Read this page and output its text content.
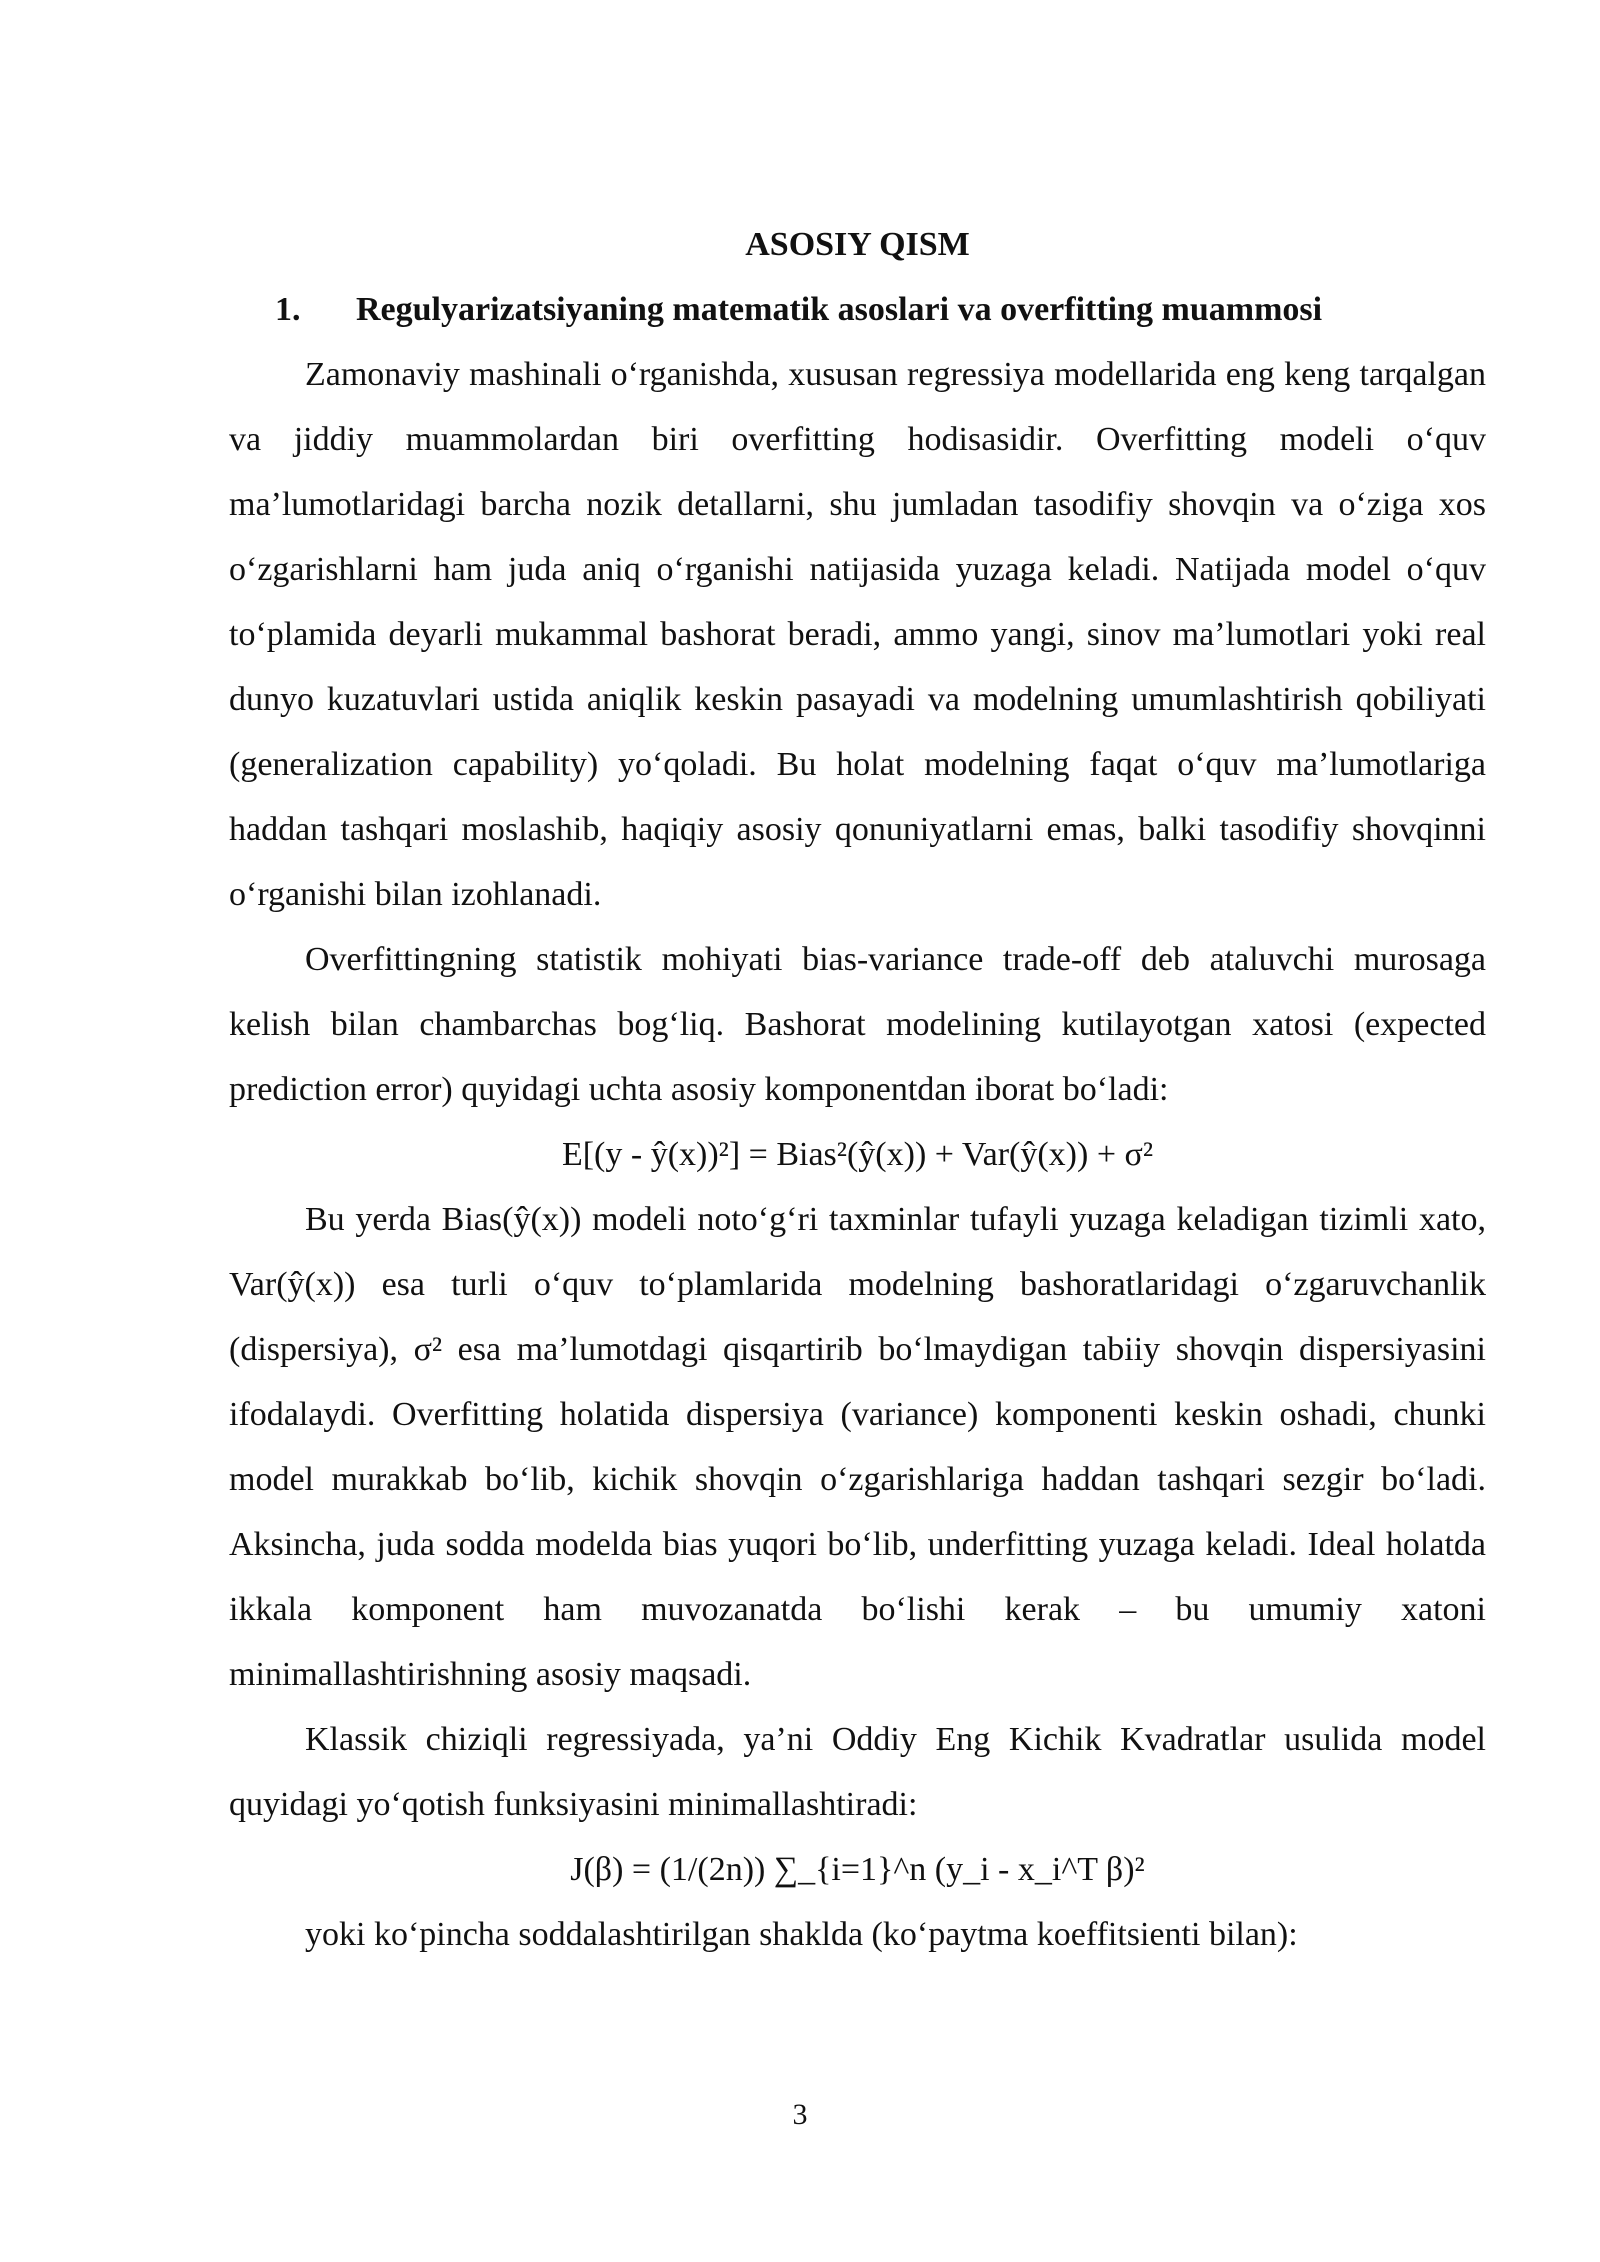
ASOSIY QISM
1.	Regulyarizatsiyaning matematik asoslari va overfitting muammosi

Zamonaviy mashinali o‘rganishda, xususan regressiya modellarida eng keng tarqalgan va jiddiy muammolardan biri overfitting hodisasidir. Overfitting modeli o‘quv ma’lumotlaridagi barcha nozik detallarni, shu jumladan tasodifiy shovqin va o‘ziga xos o‘zgarishlarni ham juda aniq o‘rganishi natijasida yuzaga keladi. Natijada model o‘quv to‘plamida deyarli mukammal bashorat beradi, ammo yangi, sinov ma’lumotlari yoki real dunyo kuzatuvlari ustida aniqlik keskin pasayadi va modelning umumlashtirish qobiliyati (generalization capability) yo‘qoladi. Bu holat modelning faqat o‘quv ma’lumotlariga haddan tashqari moslashib, haqiqiy asosiy qonuniyatlarni emas, balki tasodifiy shovqinni o‘rganishi bilan izohlanadi.

Overfittingning statistik mohiyati bias-variance trade-off deb ataluvchi murosaga kelish bilan chambarchas bog‘liq. Bashorat modelining kutilayotgan xatosi (expected prediction error) quyidagi uchta asosiy komponentdan iborat bo‘ladi:

E[(y - ŷ(x))²] = Bias²(ŷ(x)) + Var(ŷ(x)) + σ²

Bu yerda Bias(ŷ(x)) modeli noto‘g‘ri taxminlar tufayli yuzaga keladigan tizimli xato, Var(ŷ(x)) esa turli o‘quv to‘plamlarida modelning bashoratlaridagi o‘zgaruvchanlik (dispersiya), σ² esa ma’lumotdagi qisqartirib bo‘lmaydigan tabiiy shovqin dispersiyasini ifodalaydi. Overfitting holatida dispersiya (variance) komponenti keskin oshadi, chunki model murakkab bo‘lib, kichik shovqin o‘zgarishlariga haddan tashqari sezgir bo‘ladi. Aksincha, juda sodda modelda bias yuqori bo‘lib, underfitting yuzaga keladi. Ideal holatda ikkala komponent ham muvozanatda bo‘lishi kerak – bu umumiy xatoni minimallashtirishning asosiy maqsadi.

Klassik chiziqli regressiyada, ya’ni Oddiy Eng Kichik Kvadratlar usulida model quyidagi yo‘qotish funksiyasini minimallashtiradi:

J(β) = (1/(2n)) ∑_{i=1}^n (y_i - x_i^T β)²

yoki ko‘pincha soddalashtirilgan shaklda (ko‘paytma koeffitsienti bilan):

3
